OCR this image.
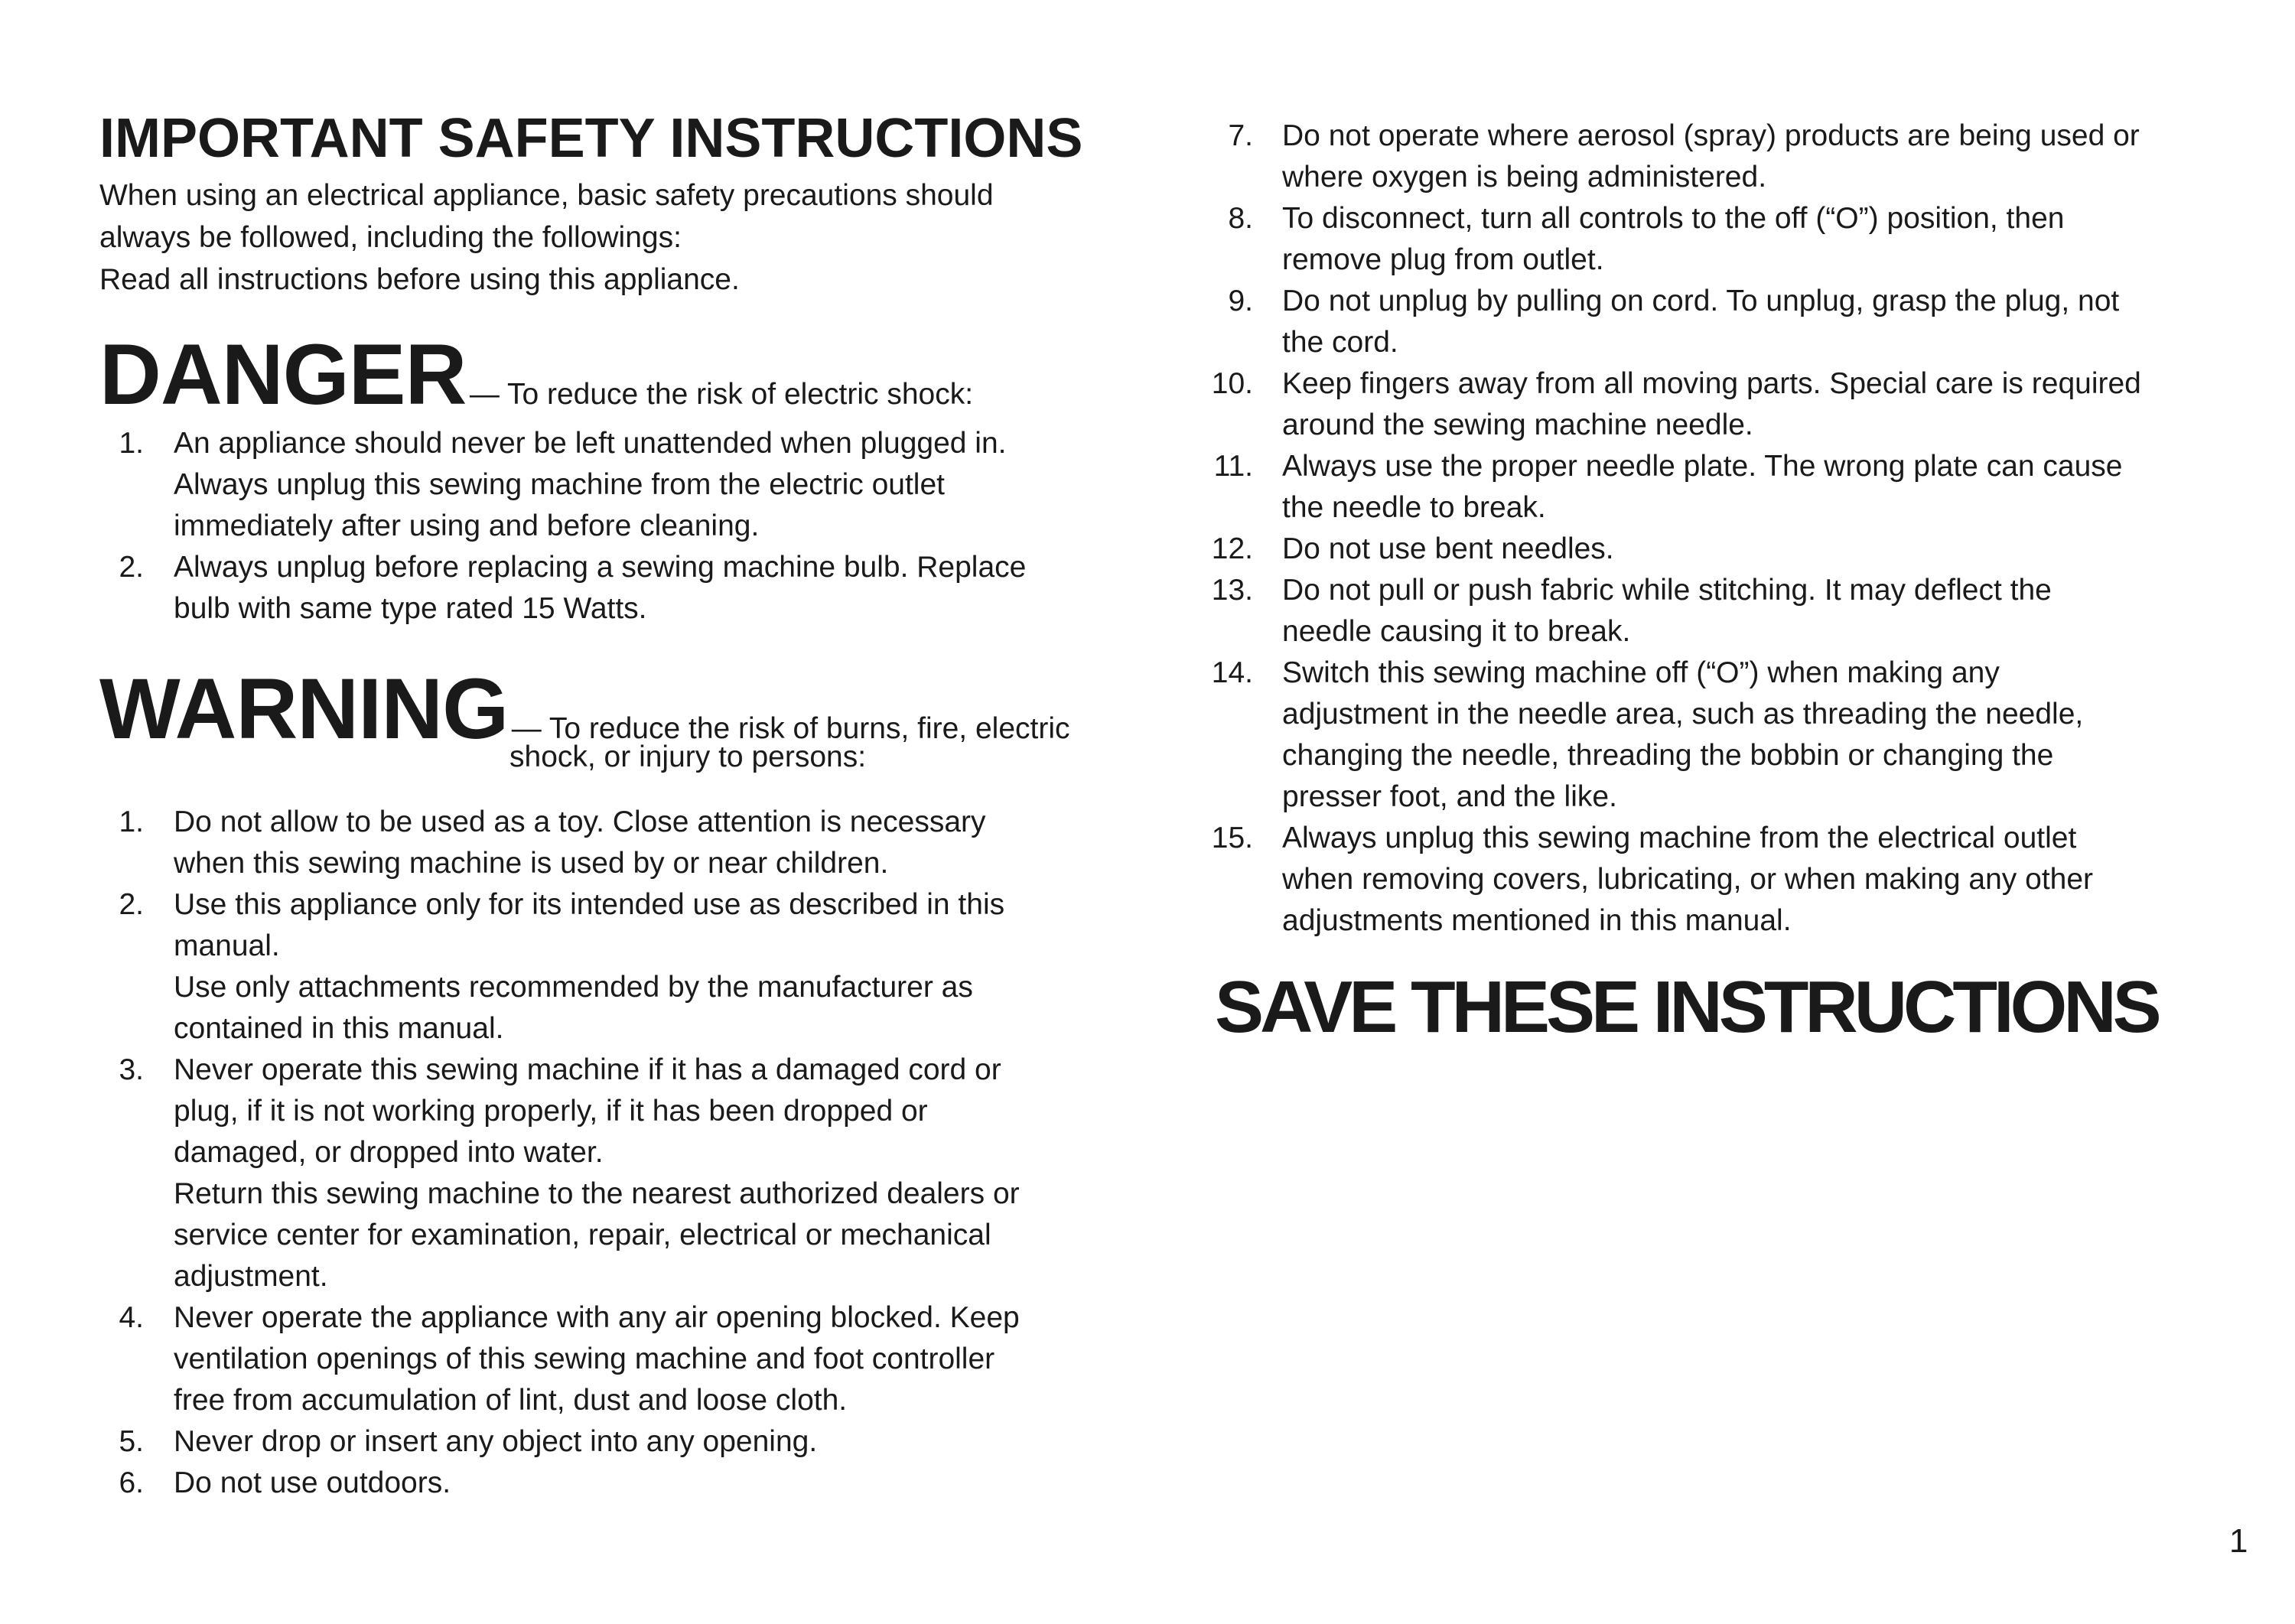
IMPORTANT SAFETY INSTRUCTIONS
When using an electrical appliance, basic safety precautions should
always be followed, including the followings:
Read all instructions before using this appliance.
DANGER — To reduce the risk of electric shock:
1. An appliance should never be left unattended when plugged in.
Always unplug this sewing machine from the electric outlet
immediately after using and before cleaning.
2. Always unplug before replacing a sewing machine bulb. Replace
bulb with same type rated 15 Watts.
WARNING — To reduce the risk of burns, fire, electric
shock, or injury to persons:
1. Do not allow to be used as a toy. Close attention is necessary
when this sewing machine is used by or near children.
2. Use this appliance only for its intended use as described in this
manual.
Use only attachments recommended by the manufacturer as
contained in this manual.
3. Never operate this sewing machine if it has a damaged cord or
plug, if it is not working properly, if it has been dropped or
damaged, or dropped into water.
Return this sewing machine to the nearest authorized dealers or
service center for examination, repair, electrical or mechanical
adjustment.
4. Never operate the appliance with any air opening blocked. Keep
ventilation openings of this sewing machine and foot controller
free from accumulation of lint, dust and loose cloth.
5. Never drop or insert any object into any opening.
6. Do not use outdoors.
7. Do not operate where aerosol (spray) products are being used or
where oxygen is being administered.
8. To disconnect, turn all controls to the off (“O”) position, then
remove plug from outlet.
9. Do not unplug by pulling on cord. To unplug, grasp the plug, not
the cord.
10. Keep fingers away from all moving parts. Special care is required
around the sewing machine needle.
11. Always use the proper needle plate. The wrong plate can cause
the needle to break.
12. Do not use bent needles.
13. Do not pull or push fabric while stitching. It may deflect the
needle causing it to break.
14. Switch this sewing machine off (“O”) when making any
adjustment in the needle area, such as threading the needle,
changing the needle, threading the bobbin or changing the
presser foot, and the like.
15. Always unplug this sewing machine from the electrical outlet
when removing covers, lubricating, or when making any other
adjustments mentioned in this manual.
SAVE THESE INSTRUCTIONS
1
